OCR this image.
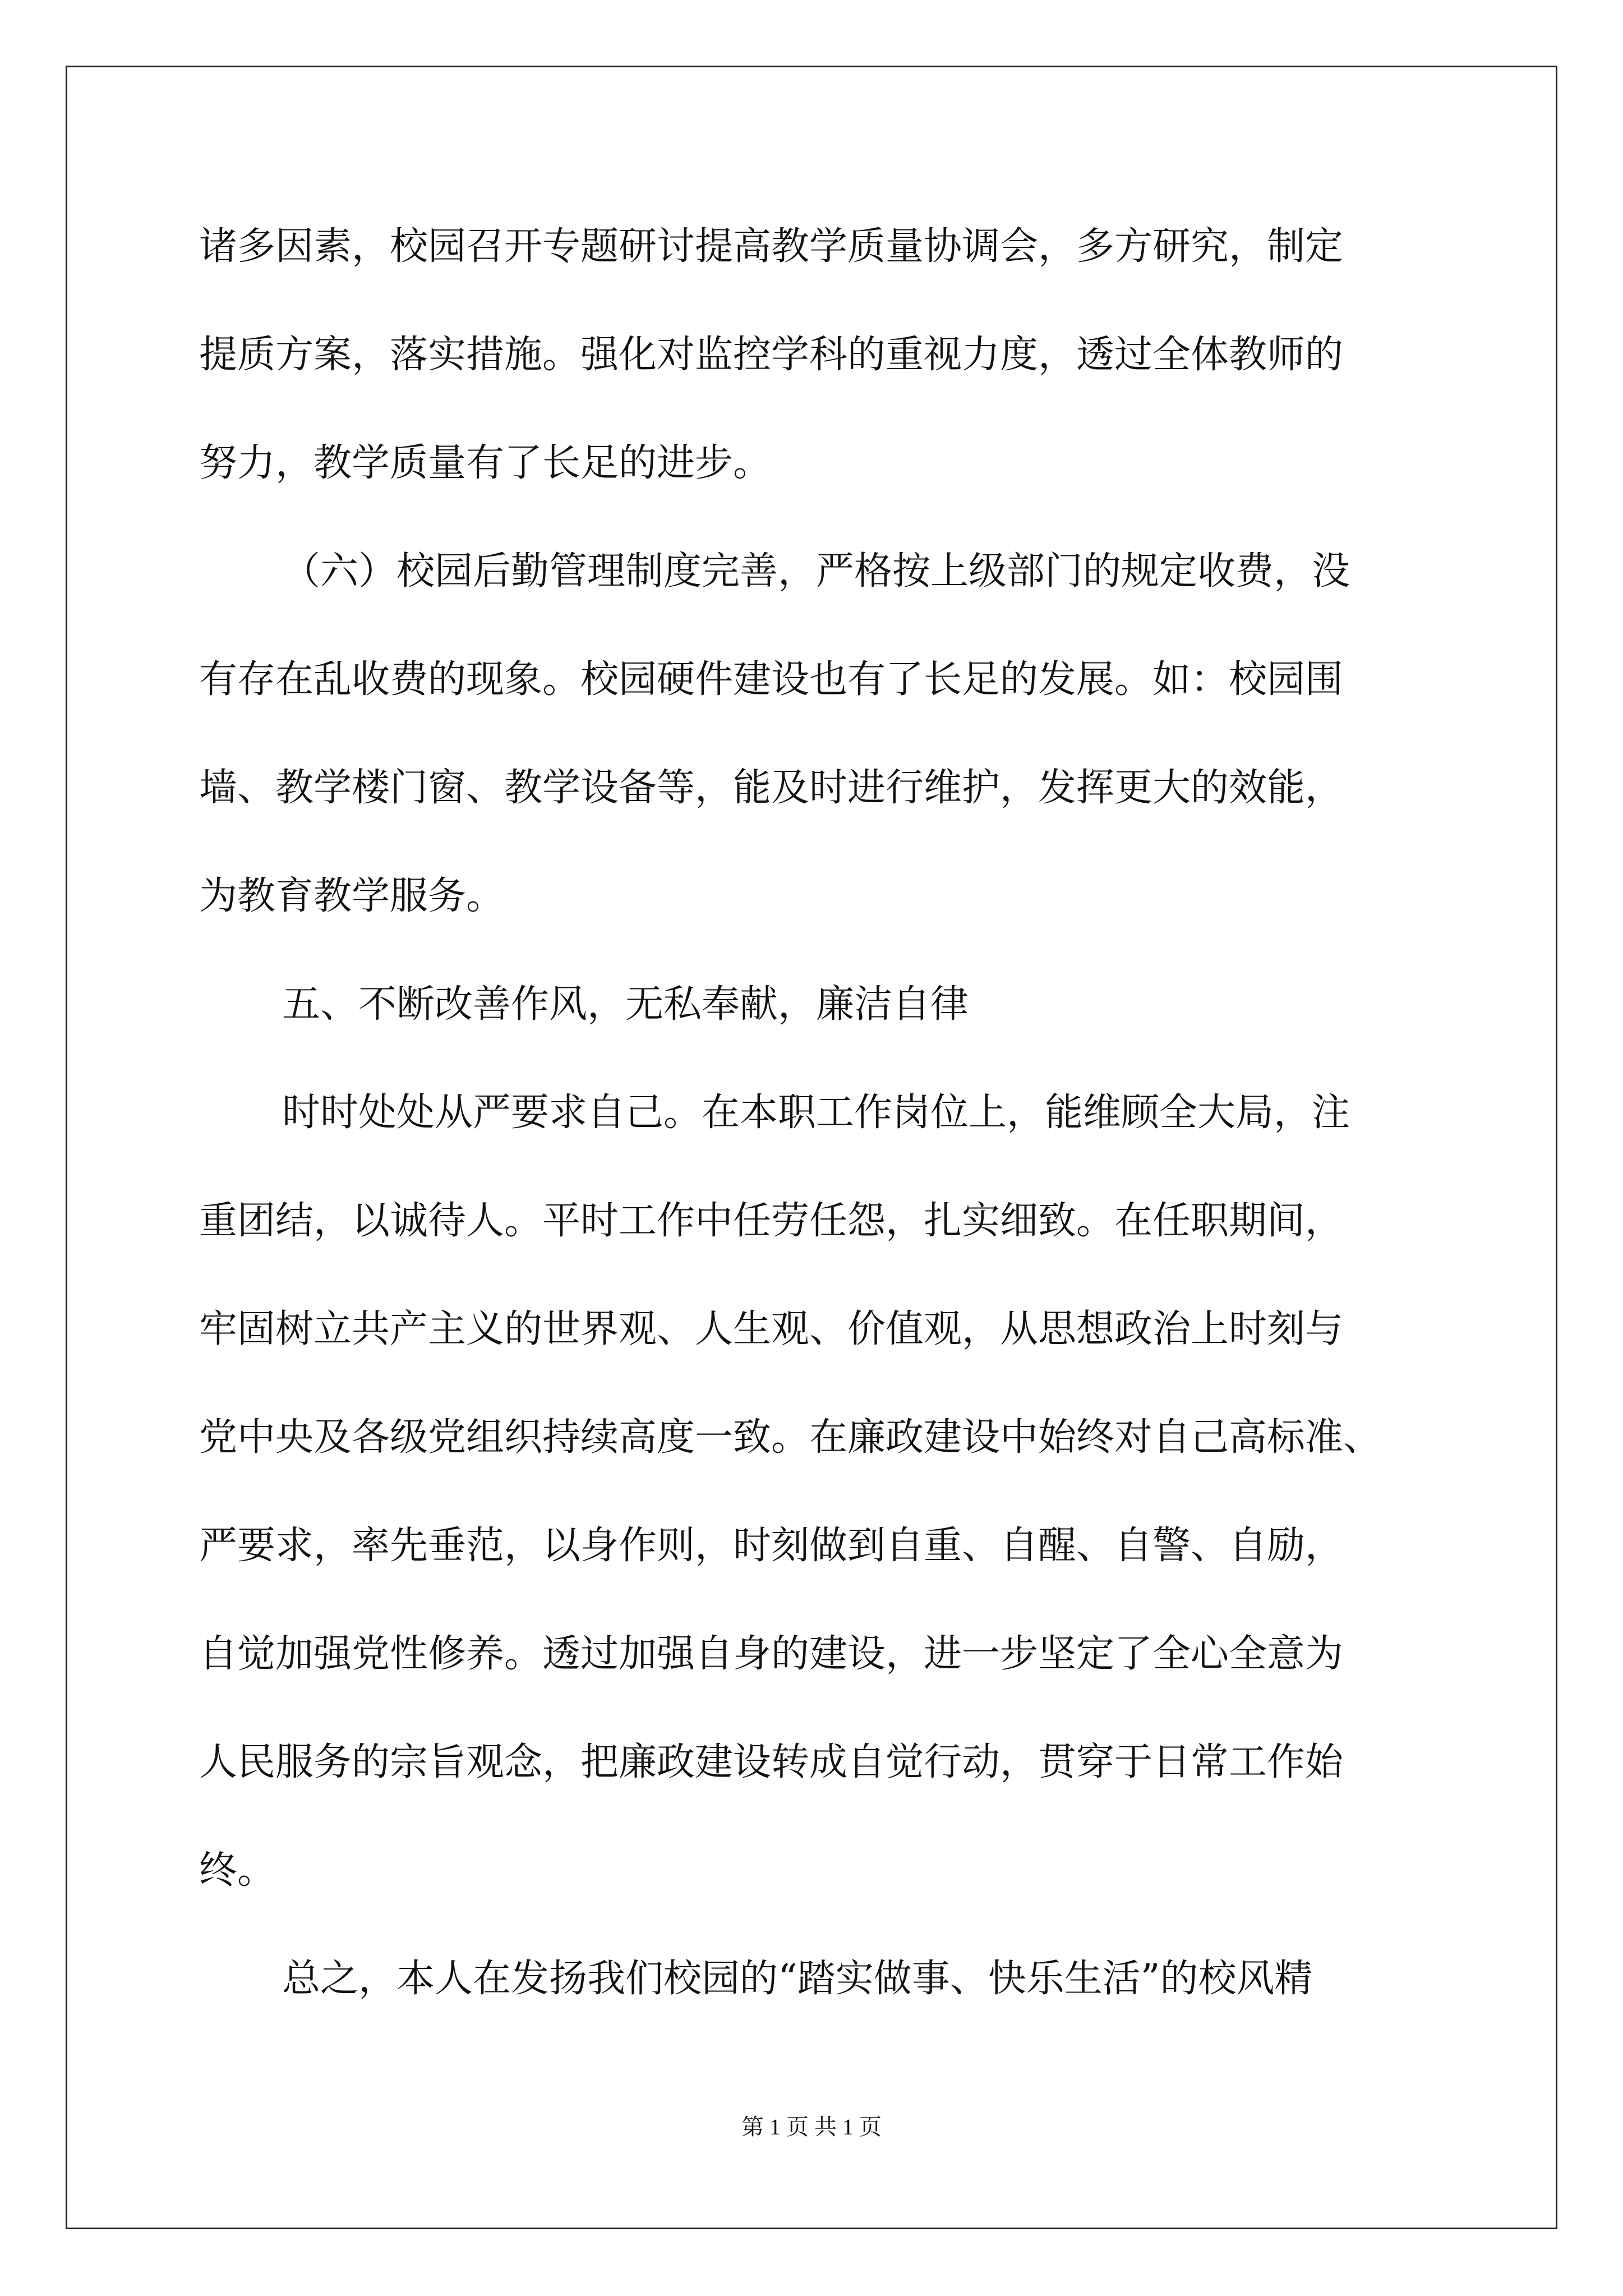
诸多因素，校园召开专题研讨提高教学质量协调会，多方研究，制定
提质方案，落实措施。强化对监控学科的重视力度，透过全体教师的
努力，教学质量有了长足的进步。
（六）校园后勤管理制度完善，严格按上级部门的规定收费，没
有存在乱收费的现象。校园硬件建设也有了长足的发展。如：校园围
墙、教学楼门窗、教学设备等，能及时进行维护，发挥更大的效能，
为教育教学服务。
五、不断改善作风，无私奉献，廉洁自律
时时处处从严要求自己。在本职工作岗位上，能维顾全大局，注
重团结，以诚待人。平时工作中任劳任怨，扎实细致。在任职期间，
牢固树立共产主义的世界观、人生观、价值观，从思想政治上时刻与
党中央及各级党组织持续高度一致。在廉政建设中始终对自己高标准、
严要求，率先垂范，以身作则，时刻做到自重、自醒、自警、自励，
自觉加强党性修养。透过加强自身的建设，进一步坚定了全心全意为
人民服务的宗旨观念，把廉政建设转成自觉行动，贯穿于日常工作始
终。
总之，本人在发扬我们校园的“踏实做事、快乐生活”的校风精
第 1 页 共 1 页
